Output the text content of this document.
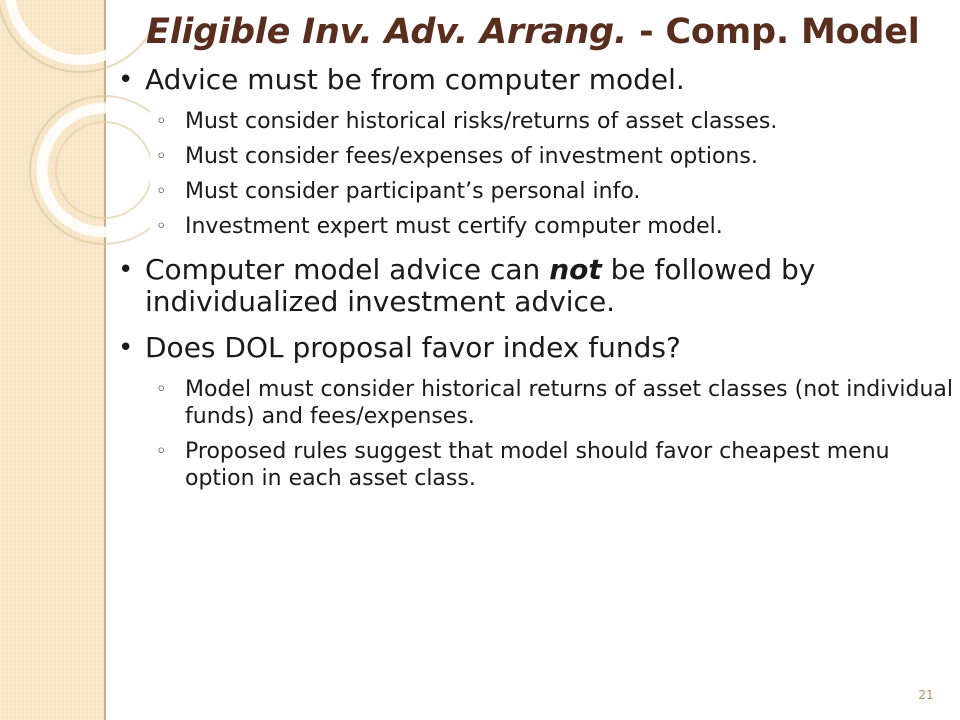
Eligible Inv. Adv. Arrang. - Comp. Model
• Advice must be from computer model.
◦ Must consider historical risks/returns of asset classes.
◦ Must consider fees/expenses of investment options.
◦ Must consider participant’s personal info.
◦ Investment expert must certify computer model.
• Computer model advice can not be followed by individualized investment advice.
• Does DOL proposal favor index funds?
◦ Model must consider historical returns of asset classes (not individual funds) and fees/expenses.
◦ Proposed rules suggest that model should favor cheapest menu option in each asset class.
21
